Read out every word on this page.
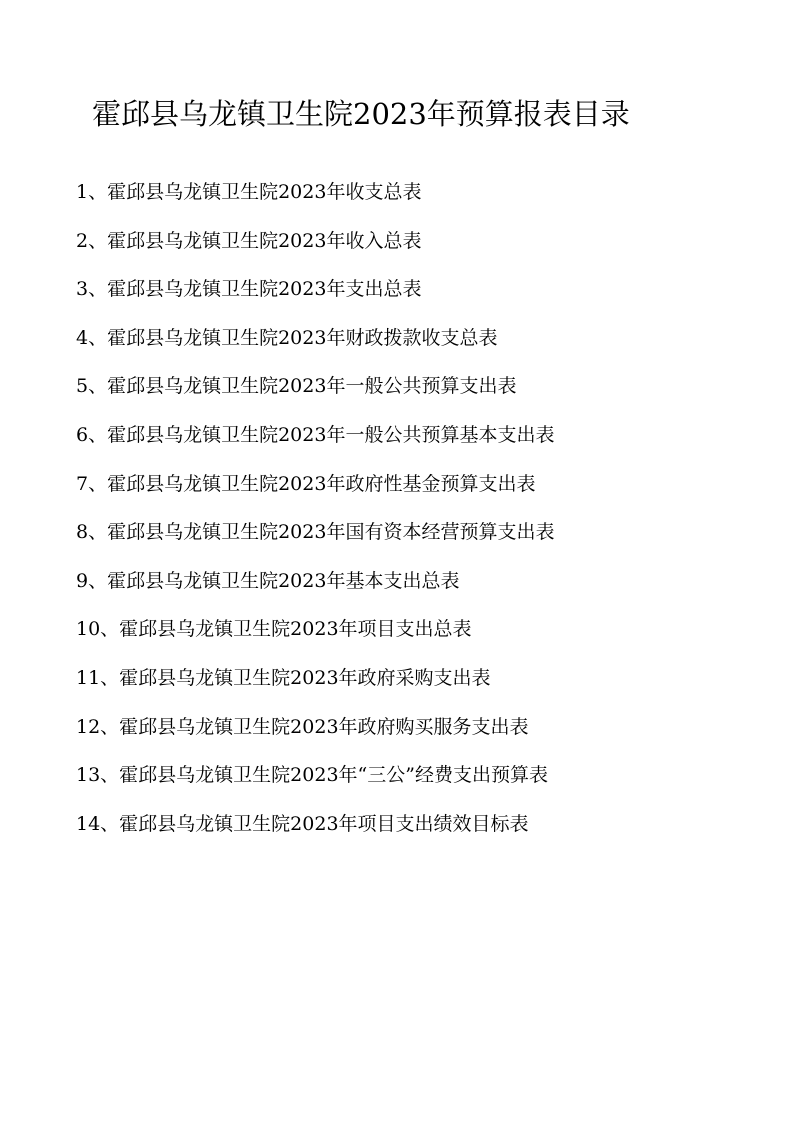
霍邱县乌龙镇卫生院2023年预算报表目录
1、霍邱县乌龙镇卫生院2023年收支总表
2、霍邱县乌龙镇卫生院2023年收入总表
3、霍邱县乌龙镇卫生院2023年支出总表
4、霍邱县乌龙镇卫生院2023年财政拨款收支总表
5、霍邱县乌龙镇卫生院2023年一般公共预算支出表
6、霍邱县乌龙镇卫生院2023年一般公共预算基本支出表
7、霍邱县乌龙镇卫生院2023年政府性基金预算支出表
8、霍邱县乌龙镇卫生院2023年国有资本经营预算支出表
9、霍邱县乌龙镇卫生院2023年基本支出总表
10、霍邱县乌龙镇卫生院2023年项目支出总表
11、霍邱县乌龙镇卫生院2023年政府采购支出表
12、霍邱县乌龙镇卫生院2023年政府购买服务支出表
13、霍邱县乌龙镇卫生院2023年“三公”经费支出预算表
14、霍邱县乌龙镇卫生院2023年项目支出绩效目标表
